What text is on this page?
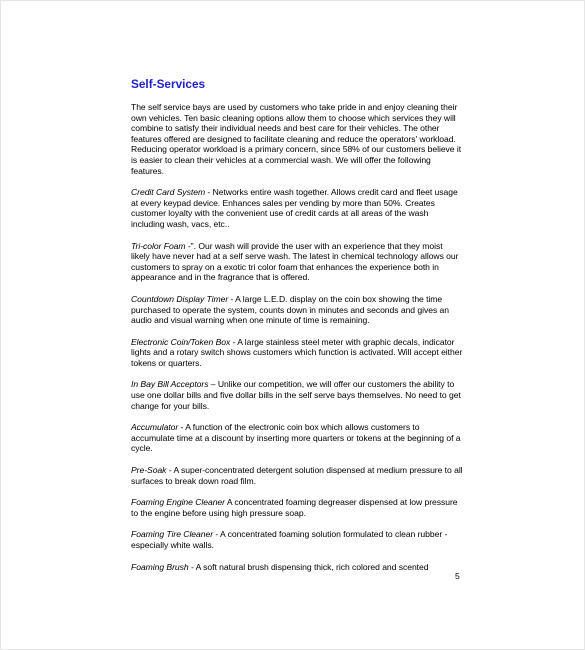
Self-Services

The self service bays are used by customers who take pride in and enjoy cleaning their own vehicles. Ten basic cleaning options allow them to choose which services they will combine to satisfy their individual needs and best care for their vehicles. The other features offered are designed to facilitate cleaning and reduce the operators' workload. Reducing operator workload is a primary concern, since 58% of our customers believe it is easier to clean their vehicles at a commercial wash. We will offer the following features.

Credit Card System - Networks entire wash together. Allows credit card and fleet usage at every keypad device. Enhances sales per vending by more than 50%. Creates customer loyalty with the convenient use of credit cards at all areas of the wash including wash, vacs, etc..

Tri-color Foam -". Our wash will provide the user with an experience that they moist likely have never had at a self serve wash. The latest in chemical technology allows our customers to spray on a exotic tri color foam that enhances the experience both in appearance and in the fragrance that is offered.

Countdown Display Timer - A large L.E.D. display on the coin box showing the time purchased to operate the system, counts down in minutes and seconds and gives an audio and visual warning when one minute of time is remaining.

Electronic Coin/Token Box - A large stainless steel meter with graphic decals, indicator lights and a rotary switch shows customers which function is activated. Will accept either tokens or quarters.

In Bay Bill Acceptors – Unlike our competition, we will offer our customers the ability to use one dollar bills and five dollar bills in the self serve bays themselves. No need to get change for your bills.

Accumulator - A function of the electronic coin box which allows customers to accumulate time at a discount by inserting more quarters or tokens at the beginning of a cycle.

Pre-Soak - A super-concentrated detergent solution dispensed at medium pressure to all surfaces to break down road film.

Foaming Engine Cleaner A concentrated foaming degreaser dispensed at low pressure to the engine before using high pressure soap.

Foaming Tire Cleaner - A concentrated foaming solution formulated to clean rubber - especially white walls.

Foaming Brush - A soft natural brush dispensing thick, rich colored and scented

5
